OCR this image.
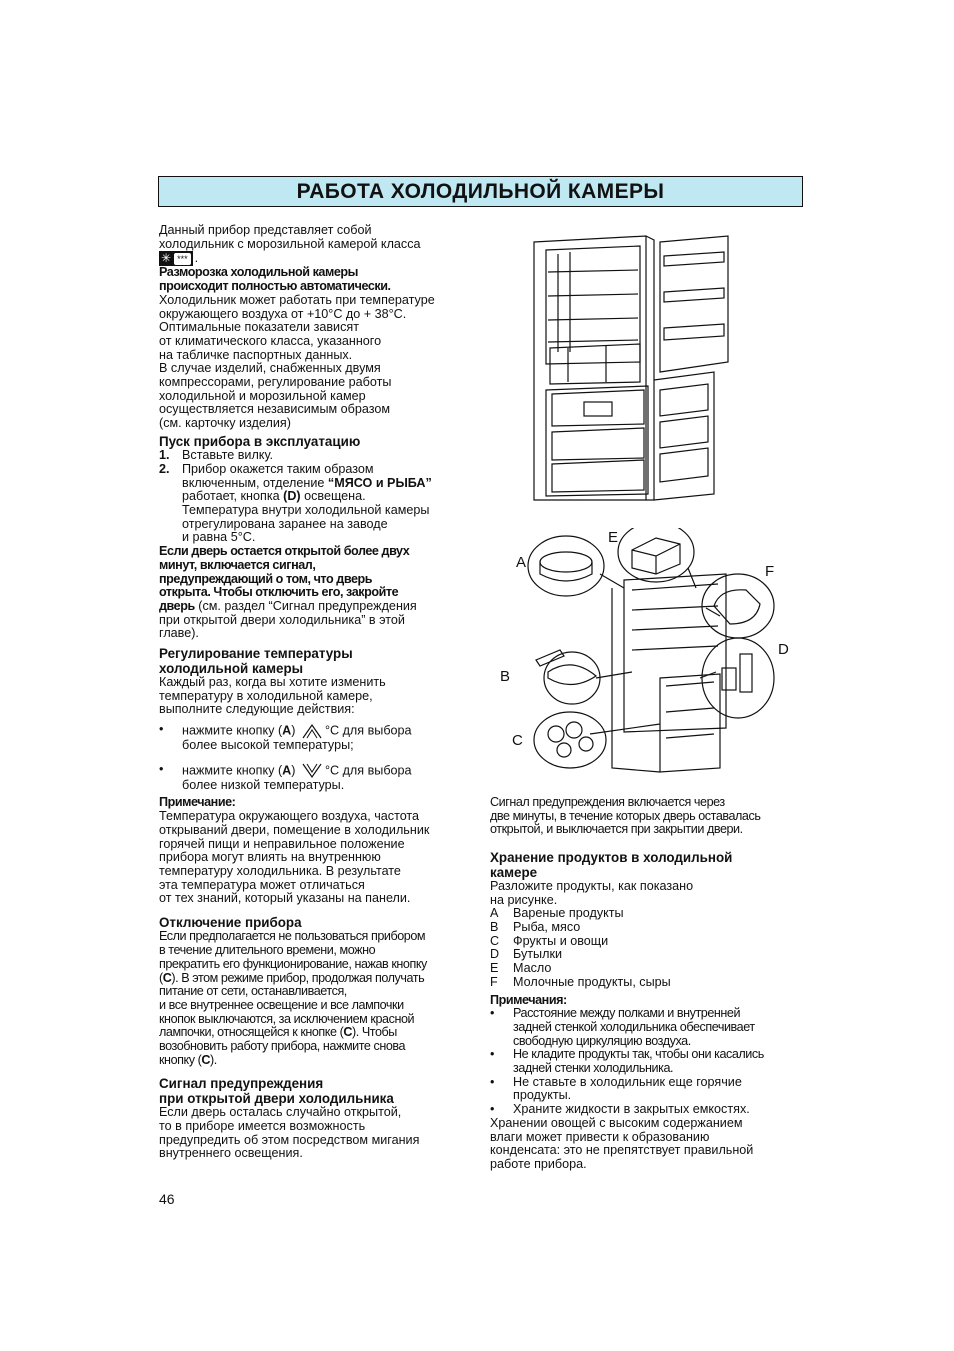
РАБОТА ХОЛОДИЛЬНОЙ КАМЕРЫ

Данный прибор представляет собой

холодильник с морозильной камерой класса

✳ *** .

Разморозка холодильной камеры

происходит полностью автоматически.

Холодильник может работать при температуре

окружающего воздуха от +10°C до + 38°C.

Оптимальные показатели зависят

от климатического класса, указанного

на табличке паспортных данных.

В случае изделий, снабженных двумя

компрессорами, регулирование работы

холодильной и морозильной камер

осуществляется независимым образом

(см. карточку изделия)

Пуск прибора в эксплуатацию
1. Вставьте вилку.
2. Прибор окажется таким образом

включенным, отделение “МЯСО и РЫБА”

работает, кнопка (D) освещена.

Температура внутри холодильной камеры

отрегулирована заранее на заводе

и равна 5°C.

Если дверь остается открытой более двух

минут, включается сигнал,

предупреждающий о том, что дверь

открыта. Чтобы отключить его, закройте

дверь (см. раздел “Сигнал предупреждения

при открытой двери холодильника” в этой

главе).

Регулирование температуры
холодильной камеры

Каждый раз, когда вы хотите изменить

температуру в холодильной камере,

выполните следующие действия:

•	нажмите кнопку (A) °C для выбора

более высокой температуры;

•	нажмите кнопку (A) °C для выбора

более низкой температуры.

Примечание:

Температура окружающего воздуха, частота

открываний двери, помещение в холодильник

горячей пищи и неправильное положение

прибора могут влиять на внутреннюю

температуру холодильника. В результате

эта температура может отличаться

от тех знаний, который указаны на панели.

Отключение прибора

Если предполагается не пользоваться прибором

в течение длительного времени, можно

прекратить его функционирование, нажав кнопку

(C). В этом режиме прибор, продолжая получать

питание от сети, останавливается,

и все внутреннее освещение и все лампочки

кнопок выключаются, за исключением красной

лампочки, относящейся к кнопке (C). Чтобы

возобновить работу прибора, нажмите снова

кнопку (C).

Сигнал предупреждения
при открытой двери холодильника

Если дверь осталась случайно открытой,

то в приборе имеется возможность

предупредить об этом посредством мигания

внутреннего освещения.

A
B
C
D
E
F

Сигнал предупреждения включается через

две минуты, в течение которых дверь оставалась

открытой, и выключается при закрытии двери.

Хранение продуктов в холодильной
камере

Разложите продукты, как показано

на рисунке.

A	Вареные продукты
B	Рыба, мясо
C	Фрукты и овощи
D	Бутылки
E	Масло
F	Молочные продукты, сыры
Примечания:
•	Расстояние между полками и внутренней

задней стенкой холодильника обеспечивает

свободную циркуляцию воздуха.

•	Не кладите продукты так, чтобы они касались

задней стенки холодильника.

•	Не ставьте в холодильник еще горячие

продукты.

•	Храните жидкости в закрытых емкостях.

Хранении овощей с высоким содержанием

влаги может привести к образованию

конденсата: это не препятствует правильной

работе прибора.

46
